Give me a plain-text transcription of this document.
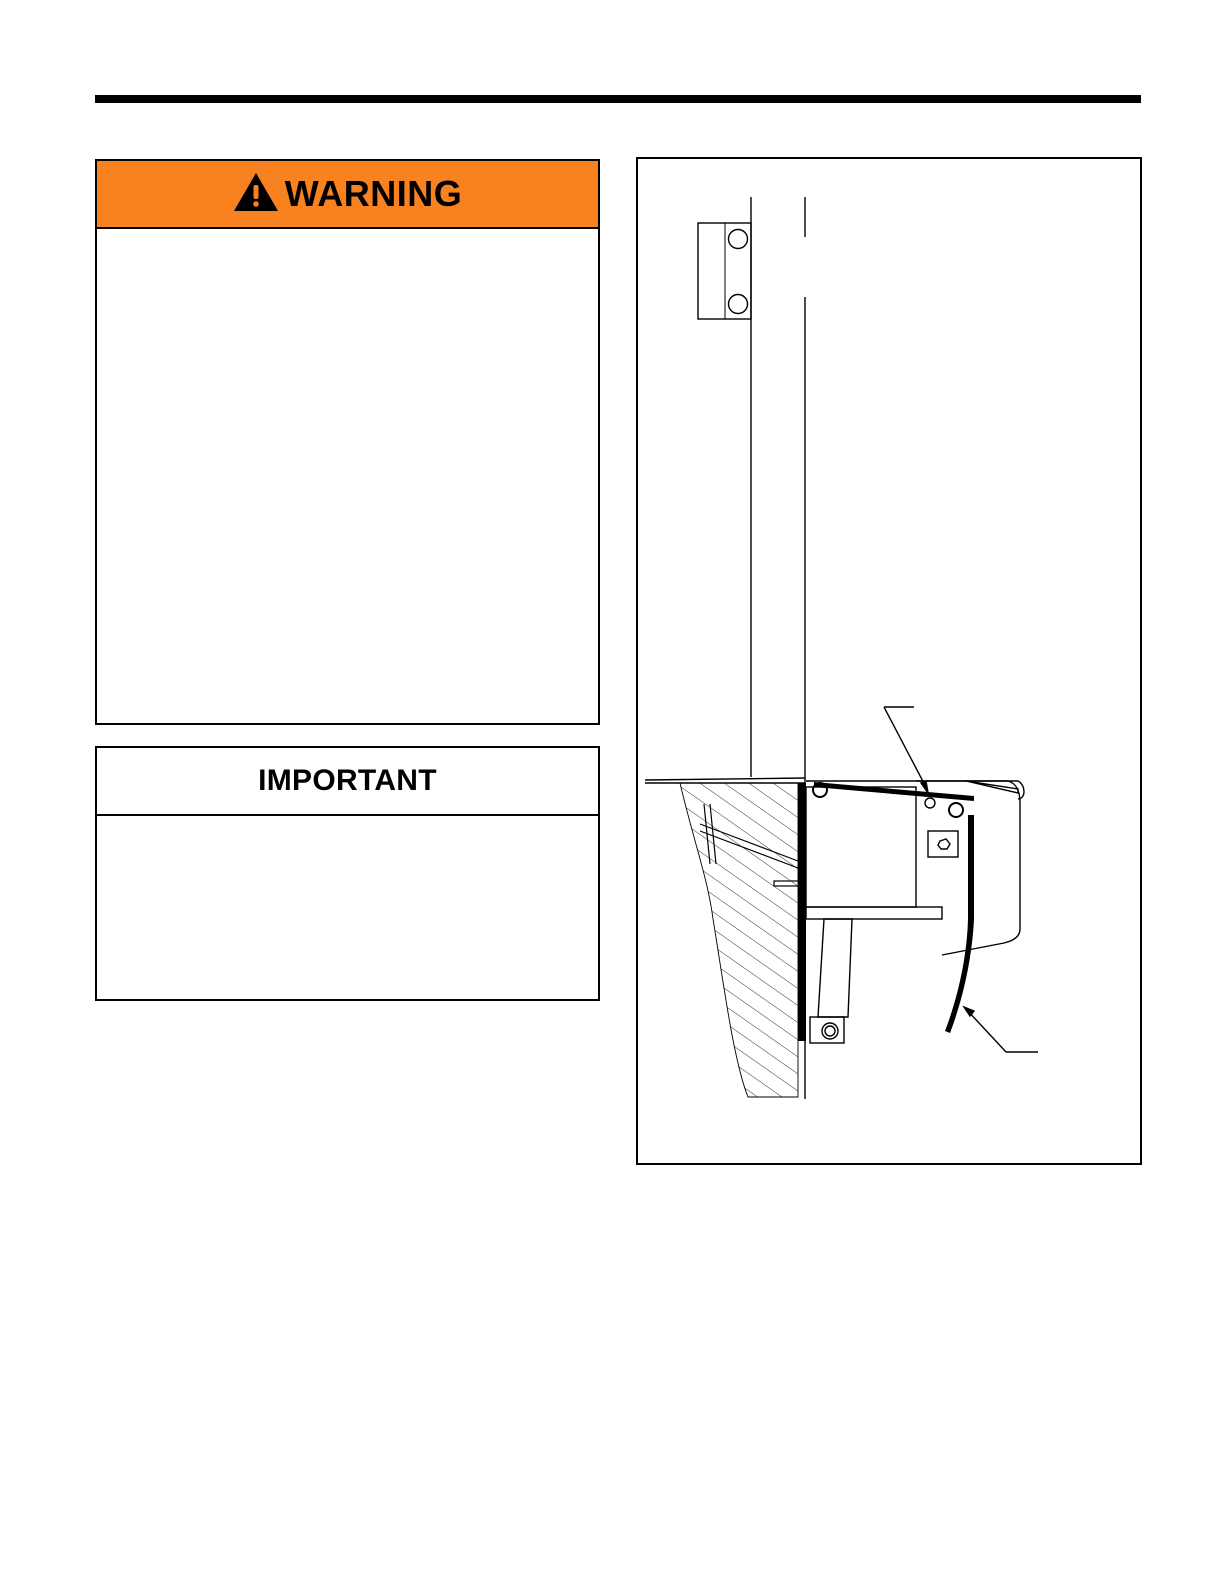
WARNING
IMPORTANT
